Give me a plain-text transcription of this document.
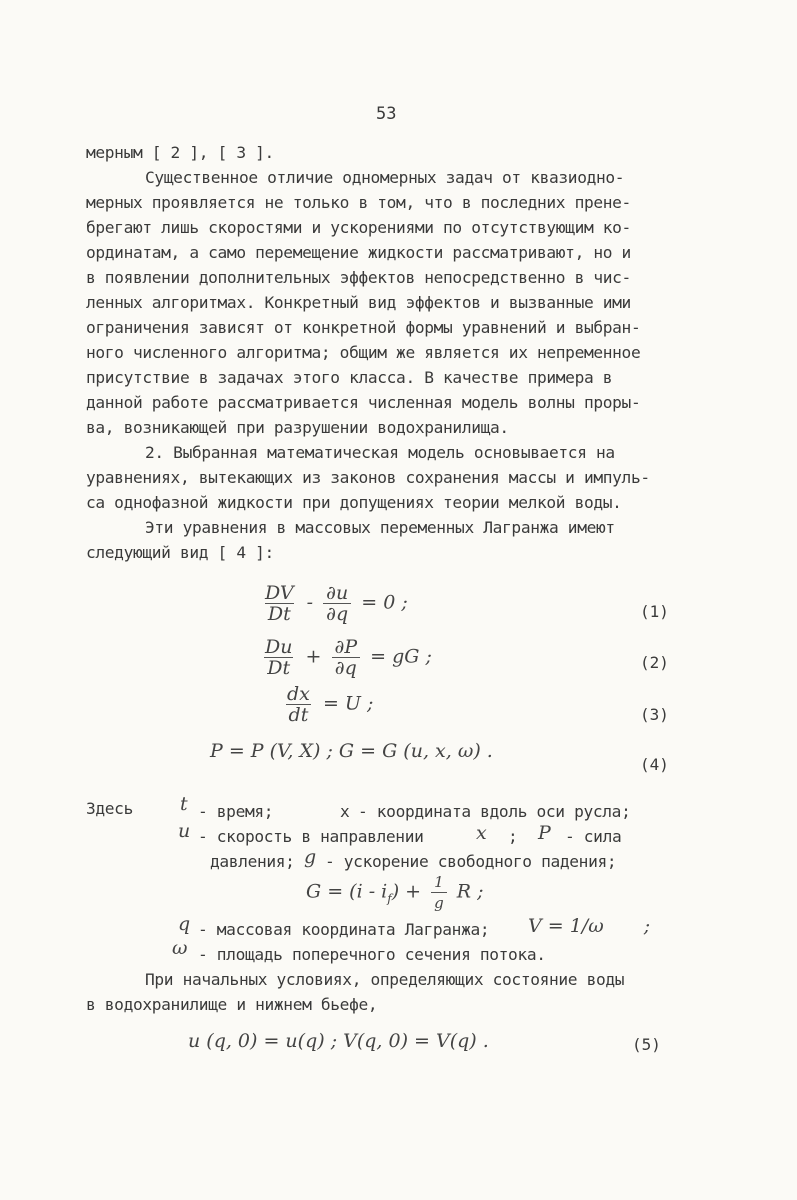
53
мерным [ 2 ], [ 3 ].
Существенное отличие одномерных задач от квазиодно-
мерных проявляется не только в том, что в последних прене-
брегают лишь скоростями и ускорениями по отсутствующим ко-
ординатам, а само перемещение жидкости рассматривают, но и
в появлении дополнительных эффектов непосредственно в чис-
ленных алгоритмах. Конкретный вид эффектов и вызванные ими
ограничения зависят от конкретной формы уравнений и выбран-
ного численного алгоритма; общим же является их непременное
присутствие в задачах этого класса. В качестве примера в
данной работе рассматривается численная модель волны проры-
ва, возникающей при разрушении водохранилища.
2. Выбранная математическая модель основывается на
уравнениях, вытекающих из законов сохранения массы и импуль-
са однофазной жидкости при допущениях теории мелкой воды.
Эти уравнения в массовых переменных Лагранжа имеют
следующий вид [ 4 ]:
$\frac{DV}{Dt} - \frac{\partial u}{\partial q} = 0$ ;	(1)
$\frac{Du}{Dt} + \frac{\partial P}{\partial q}$ = gG ;	(2)
$\frac{dx}{dt} = U$ ;	(3)
P = P (V, X) ; G = G (u, x, ω) .
(4)
Здесь t - время;	x - координата вдоль оси русла;
u - скорость в направлении	x ; P - сила
давления; g - ускорение свободного падения;
$G = (i - i_f) + \frac{1}{g}$ R ;
q - массовая координата Лагранжа; V = 1/ω ;
ω - площадь поперечного сечения потока.
При начальных условиях, определяющих состояние воды
в водохранилище и нижнем бьефе,
u (q, 0) = u(q) ; V(q, 0) = V(q) .	(5)
